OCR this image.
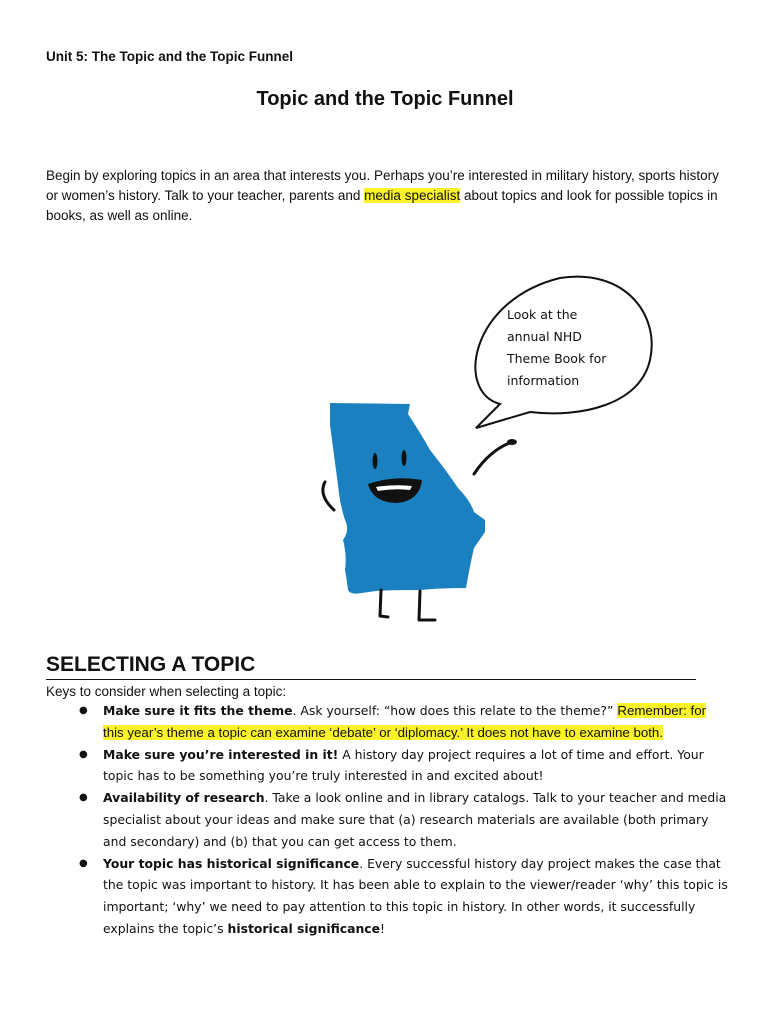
Unit 5: The Topic and the Topic Funnel
Topic and the Topic Funnel
Begin by exploring topics in an area that interests you. Perhaps you’re interested in military history, sports history or women’s history. Talk to your teacher, parents and media specialist about topics and look for possible topics in books, as well as online.
Look at the
annual NHD
Theme Book for
information
SELECTING A TOPIC
Keys to consider when selecting a topic:
● Make sure it fits the theme. Ask yourself: “how does this relate to the theme?” Remember: for this year’s theme a topic can examine ‘debate’ or ‘diplomacy.’ It does not have to examine both.
● Make sure you’re interested in it! A history day project requires a lot of time and effort. Your topic has to be something you’re truly interested in and excited about!
● Availability of research. Take a look online and in library catalogs. Talk to your teacher and media specialist about your ideas and make sure that (a) research materials are available (both primary and secondary) and (b) that you can get access to them.
● Your topic has historical significance. Every successful history day project makes the case that the topic was important to history. It has been able to explain to the viewer/reader ‘why’ this topic is important; ‘why’ we need to pay attention to this topic in history. In other words, it successfully explains the topic’s historical significance!
